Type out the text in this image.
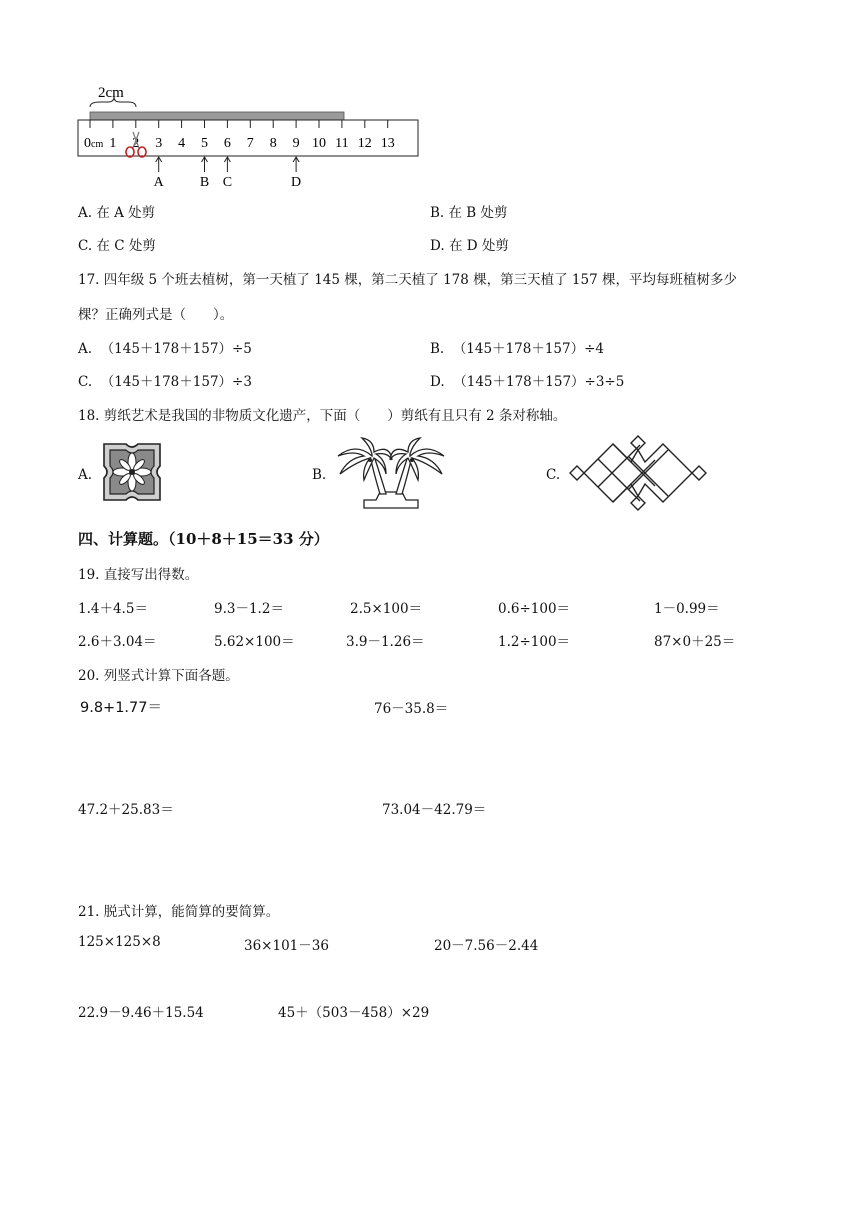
2cm
0cm 1 2 3 4 5 6 7 8 9 10 11 12 13
A	B C	D
A. 在 A 处剪	B. 在 B 处剪
C. 在 C 处剪	D. 在 D 处剪
17. 四年级 5 个班去植树，第一天植了 145 棵，第二天植了 178 棵，第三天植了 157 棵，平均每班植树多少
棵？正确列式是（　　）。
A. （145＋178＋157）÷5	B. （145＋178＋157）÷4
C. （145＋178＋157）÷3	D. （145＋178＋157）÷3÷5
18. 剪纸艺术是我国的非物质文化遗产，下面（　　）剪纸有且只有 2 条对称轴。
A.	B.	C.
四、计算题。（10＋8＋15＝33 分）
19. 直接写出得数。
1.4＋4.5＝	9.3－1.2＝	2.5×100＝	0.6÷100＝	1－0.99＝
2.6＋3.04＝	5.62×100＝	3.9－1.26＝	1.2÷100＝	87×0＋25＝
20. 列竖式计算下面各题。
9.8+1.77＝	76－35.8＝
47.2＋25.83＝	73.04－42.79＝
21. 脱式计算，能简算的要简算。
125×125×8	36×101－36	20－7.56－2.44
22.9－9.46＋15.54	45＋（503－458）×29
